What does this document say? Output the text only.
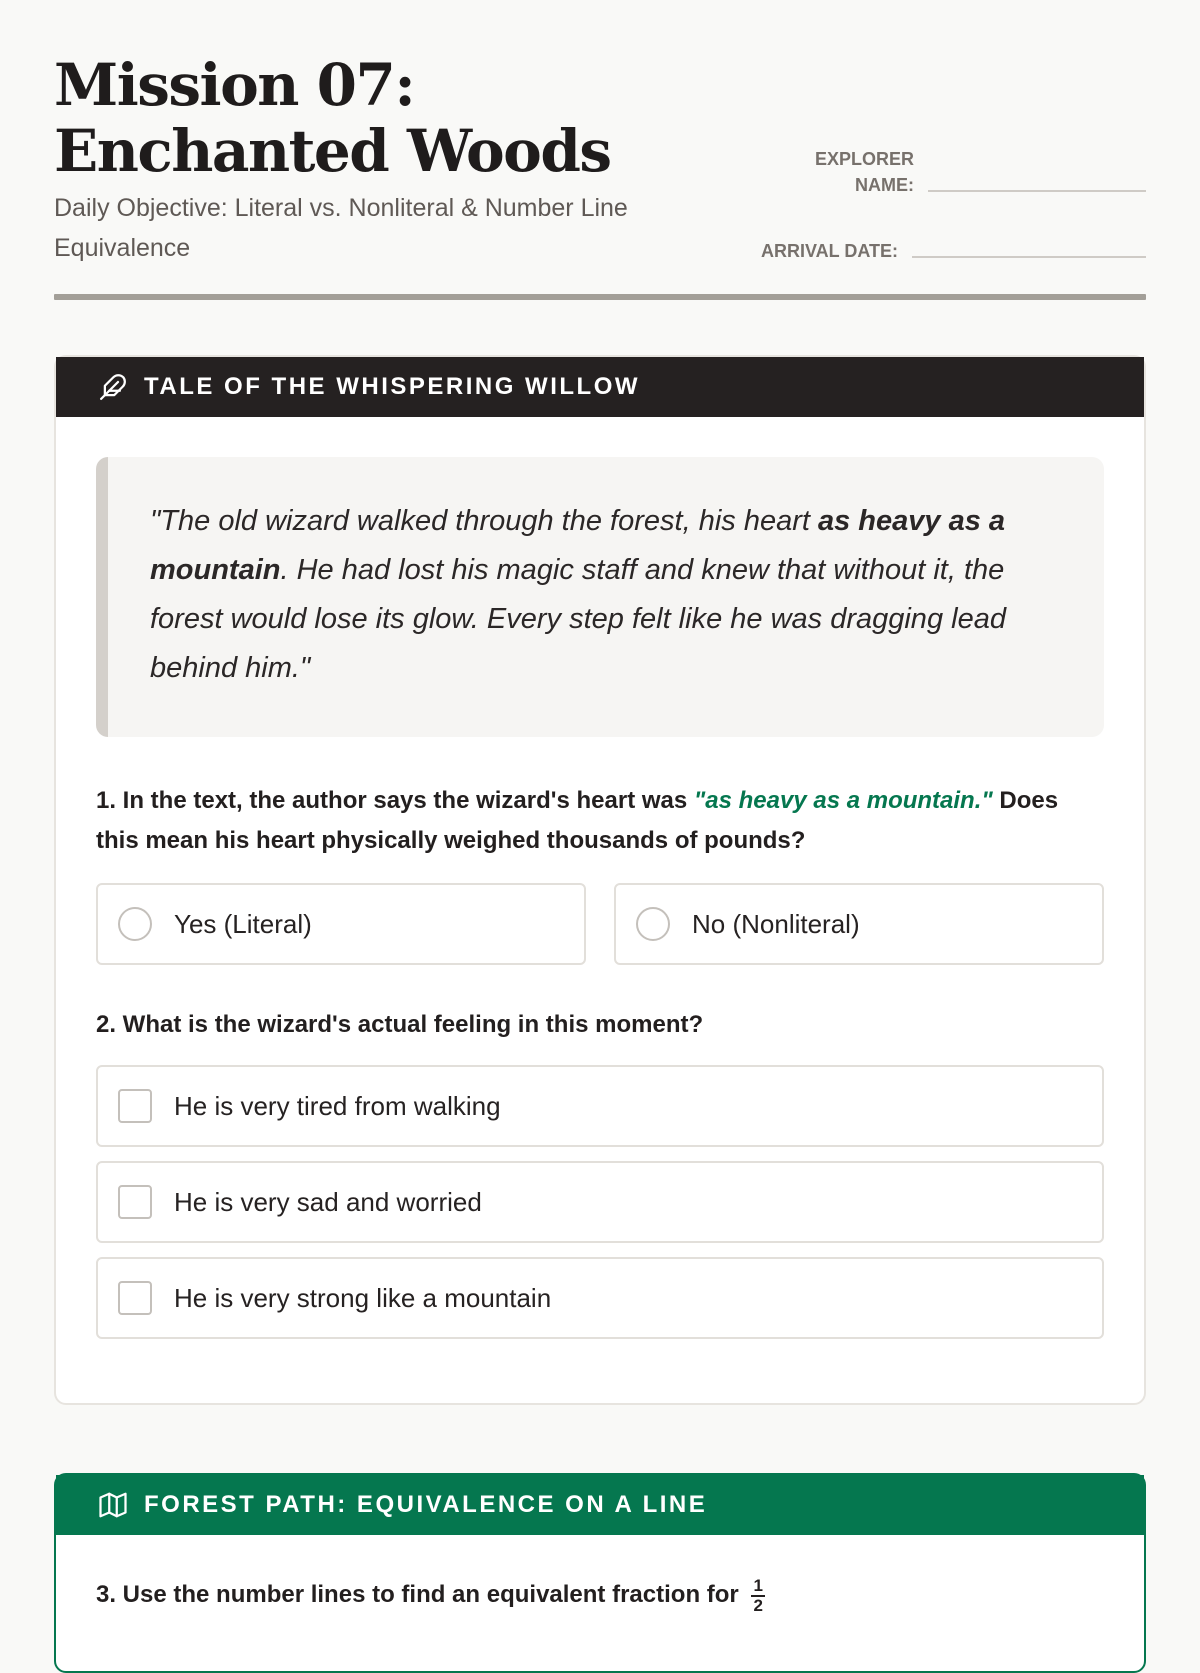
Mission 07: Enchanted Woods
Daily Objective: Literal vs. Nonliteral & Number Line Equivalence
EXPLORER NAME:
ARRIVAL DATE:
TALE OF THE WHISPERING WILLOW
"The old wizard walked through the forest, his heart as heavy as a mountain. He had lost his magic staff and knew that without it, the forest would lose its glow. Every step felt like he was dragging lead behind him."
1. In the text, the author says the wizard's heart was "as heavy as a mountain." Does this mean his heart physically weighed thousands of pounds?
Yes (Literal)	No (Nonliteral)
2. What is the wizard's actual feeling in this moment?
He is very tired from walking
He is very sad and worried
He is very strong like a mountain
FOREST PATH: EQUIVALENCE ON A LINE
3. Use the number lines to find an equivalent fraction for $\frac{1}{2}$
